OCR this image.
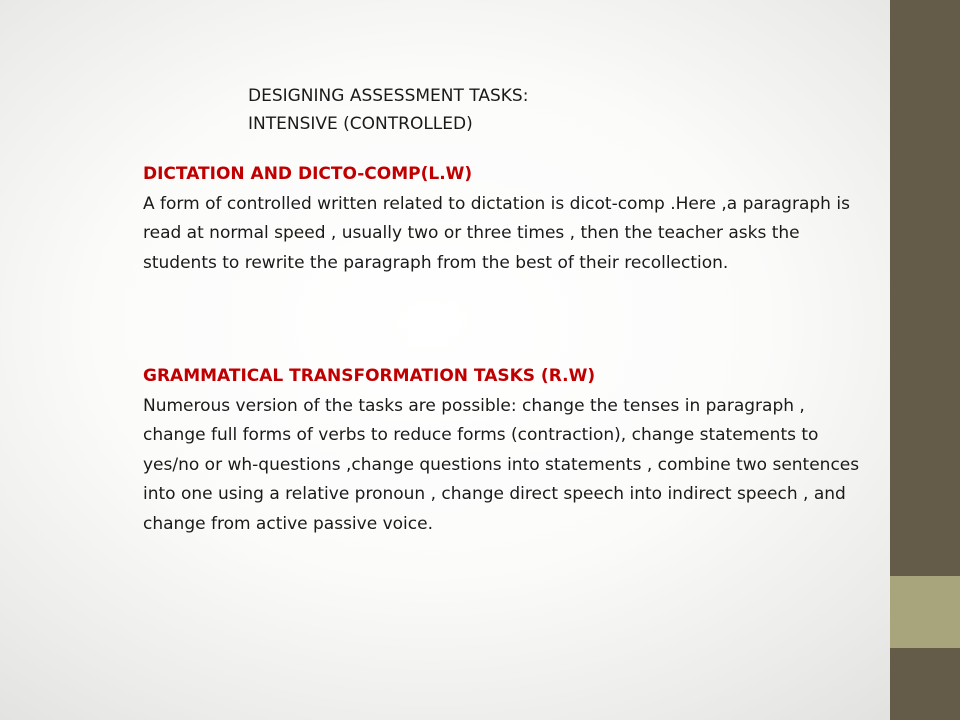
DESIGNING ASSESSMENT TASKS:
INTENSIVE (CONTROLLED)
DICTATION AND DICTO-COMP(L.W)

A form of controlled written related to dictation is dicot-comp .Here ,a paragraph is read at normal speed , usually two or three times , then the teacher asks the students to rewrite the paragraph from the best of their recollection.

GRAMMATICAL TRANSFORMATION TASKS (R.W)

Numerous version of the tasks are possible: change the tenses in paragraph , change full forms of verbs to reduce forms (contraction), change statements to yes/no or wh-questions ,change questions into statements , combine two sentences into one using a relative pronoun , change direct speech into indirect speech , and change from active passive voice.
